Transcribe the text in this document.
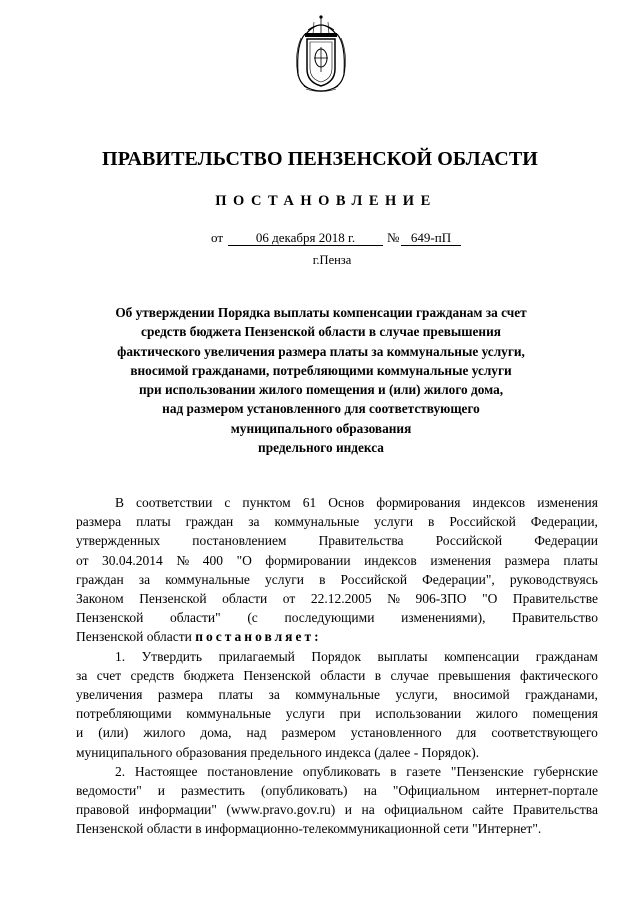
ПРАВИТЕЛЬСТВО ПЕНЗЕНСКОЙ ОБЛАСТИ
ПОСТАНОВЛЕНИЕ
от	06 декабря 2018 г.	№ 649-пП
г.Пенза
Об утверждении Порядка выплаты компенсации гражданам за счет
средств бюджета Пензенской области в случае превышения
фактического увеличения размера платы за коммунальные услуги,
вносимой гражданами, потребляющими коммунальные услуги
при использовании жилого помещения и (или) жилого дома,
над размером установленного для соответствующего
муниципального образования
предельного индекса
В соответствии с пунктом 61 Основ формирования индексов изменения
размера платы граждан за коммунальные услуги в Российской Федерации,
утвержденных постановлением Правительства Российской Федерации
от 30.04.2014 № 400 "О формировании индексов изменения размера платы
граждан за коммунальные услуги в Российской Федерации", руководствуясь
Законом Пензенской области от 22.12.2005 № 906-ЗПО "О Правительстве
Пензенской области" (с последующими изменениями), Правительство
Пензенской области
постановляет:
1. Утвердить прилагаемый Порядок выплаты компенсации гражданам
за счет средств бюджета Пензенской области в случае превышения фактического
увеличения размера платы за коммунальные услуги, вносимой гражданами,
потребляющими коммунальные услуги при использовании жилого помещения
и (или) жилого дома, над размером установленного для соответствующего
муниципального образования предельного индекса (далее - Порядок).
2. Настоящее постановление опубликовать в газете "Пензенские губернские
ведомости" и разместить (опубликовать) на "Официальном интернет-портале
правовой информации" (www.pravo.gov.ru) и на официальном сайте Правительства
Пензенской области в информационно-телекоммуникационной сети "Интернет".
